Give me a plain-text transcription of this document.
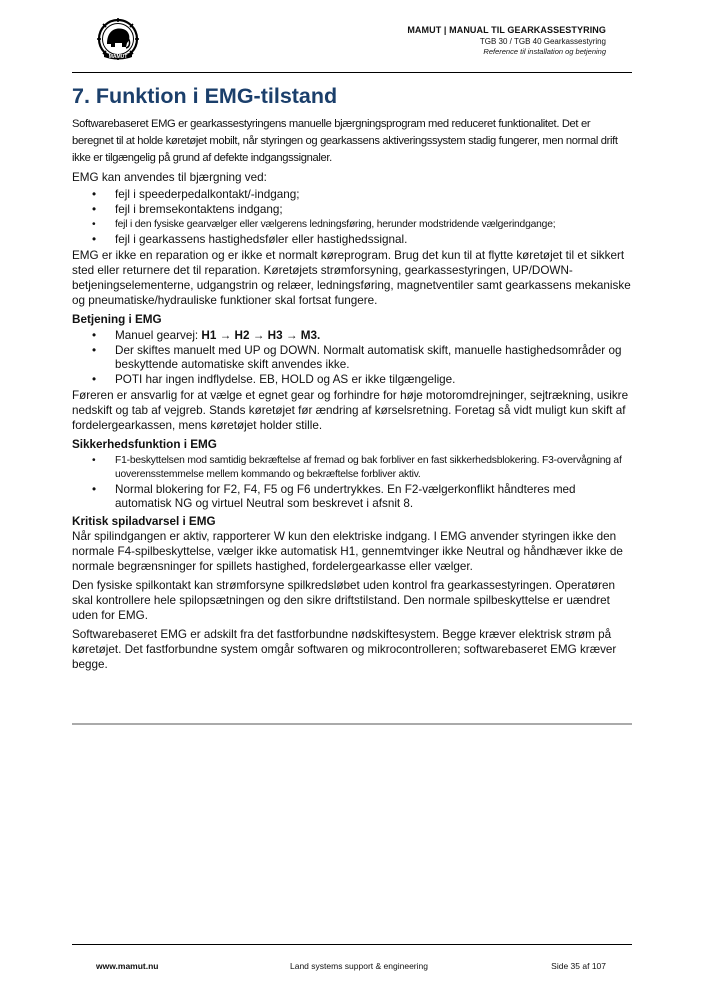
MAMUT
MAMUT | MANUAL TIL GEARKASSESTYRING
TGB 30 / TGB 40 Gearkassestyring
Reference til installation og betjening
7. Funktion i EMG-tilstand

Softwarebaseret EMG er gearkassestyringens manuelle bjærgningsprogram med reduceret funktionalitet. Det er beregnet til at holde køretøjet mobilt, når styringen og gearkassens aktiveringssystem stadig fungerer, men normal drift ikke er tilgængelig på grund af defekte indgangssignaler.

EMG kan anvendes til bjærgning ved:

• fejl i speederpedalkontakt/-indgang;
• fejl i bremsekontaktens indgang;
• fejl i den fysiske gearvælger eller vælgerens ledningsføring, herunder modstridende vælgerindgange;
• fejl i gearkassens hastighedsføler eller hastighedssignal.

EMG er ikke en reparation og er ikke et normalt køreprogram. Brug det kun til at flytte køretøjet til et sikkert sted eller returnere det til reparation. Køretøjets strømforsyning, gearkassestyringen, UP/DOWN-betjeningselementerne, udgangstrin og relæer, ledningsføring, magnetventiler samt gearkassens mekaniske og pneumatiske/hydrauliske funktioner skal fortsat fungere.

Betjening i EMG

• Manuel gearvej: H1 → H2 → H3 → M3.
• Der skiftes manuelt med UP og DOWN. Normalt automatisk skift, manuelle hastighedsområder og beskyttende automatiske skift anvendes ikke.
• POTI har ingen indflydelse. EB, HOLD og AS er ikke tilgængelige.

Føreren er ansvarlig for at vælge et egnet gear og forhindre for høje motoromdrejninger, sejtrækning, usikre nedskift og tab af vejgreb. Stands køretøjet før ændring af kørselsretning. Foretag så vidt muligt kun skift af fordelergearkassen, mens køretøjet holder stille.

Sikkerhedsfunktion i EMG

• F1-beskyttelsen mod samtidig bekræftelse af fremad og bak forbliver en fast sikkerhedsblokering. F3-overvågning af uoverensstemmelse mellem kommando og bekræftelse forbliver aktiv.
• Normal blokering for F2, F4, F5 og F6 undertrykkes. En F2-vælgerkonflikt håndteres med automatisk NG og virtuel Neutral som beskrevet i afsnit 8.

Kritisk spiladvarsel i EMG

Når spilindgangen er aktiv, rapporterer W kun den elektriske indgang. I EMG anvender styringen ikke den normale F4-spilbeskyttelse, vælger ikke automatisk H1, gennemtvinger ikke Neutral og håndhæver ikke de normale begrænsninger for spillets hastighed, fordelergearkasse eller vælger.

Den fysiske spilkontakt kan strømforsyne spilkredsløbet uden kontrol fra gearkassestyringen. Operatøren skal kontrollere hele spilopsætningen og den sikre driftstilstand. Den normale spilbeskyttelse er uændret uden for EMG.

Softwarebaseret EMG er adskilt fra det fastforbundne nødskiftesystem. Begge kræver elektrisk strøm på køretøjet. Det fastforbundne system omgår softwaren og mikrocontrolleren; softwarebaseret EMG kræver begge.

www.mamut.nu	Land systems support & engineering	Side 35 af 107
